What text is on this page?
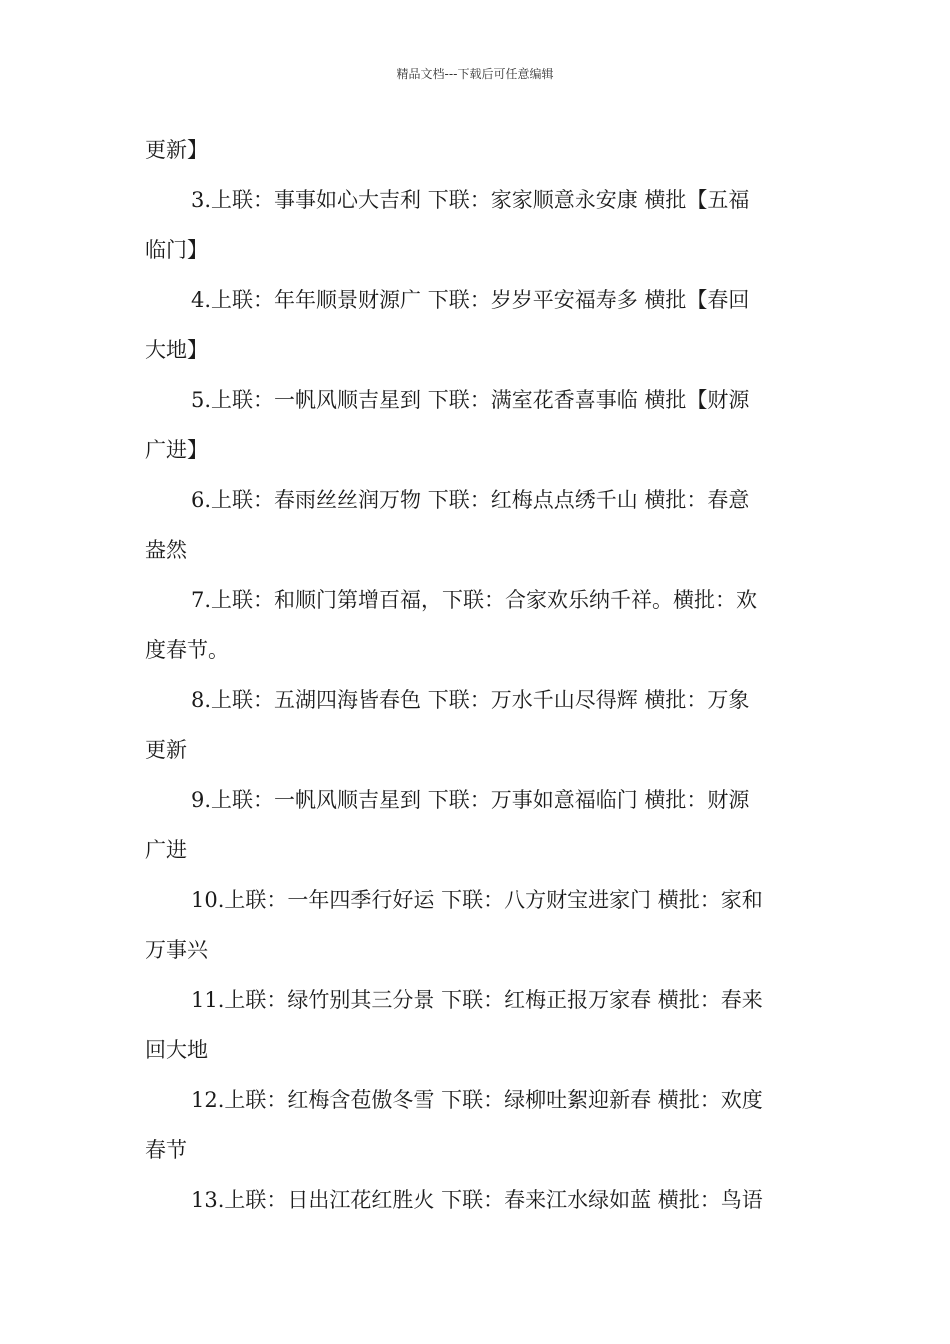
精品文档---下载后可任意编辑
更新】
3.上联：事事如心大吉利 下联：家家顺意永安康 横批【五福
临门】
4.上联：年年顺景财源广 下联：岁岁平安福寿多 横批【春回
大地】
5.上联：一帆风顺吉星到 下联：满室花香喜事临 横批【财源
广进】
6.上联：春雨丝丝润万物 下联：红梅点点绣千山 横批：春意
盎然
7.上联：和顺门第增百福，下联：合家欢乐纳千祥。横批：欢
度春节。
8.上联：五湖四海皆春色 下联：万水千山尽得辉 横批：万象
更新
9.上联：一帆风顺吉星到 下联：万事如意福临门 横批：财源
广进
10.上联：一年四季行好运 下联：八方财宝进家门 横批：家和
万事兴
11.上联：绿竹别其三分景 下联：红梅正报万家春 横批：春来
回大地
12.上联：红梅含苞傲冬雪 下联：绿柳吐絮迎新春 横批：欢度
春节
13.上联：日出江花红胜火 下联：春来江水绿如蓝 横批：鸟语
